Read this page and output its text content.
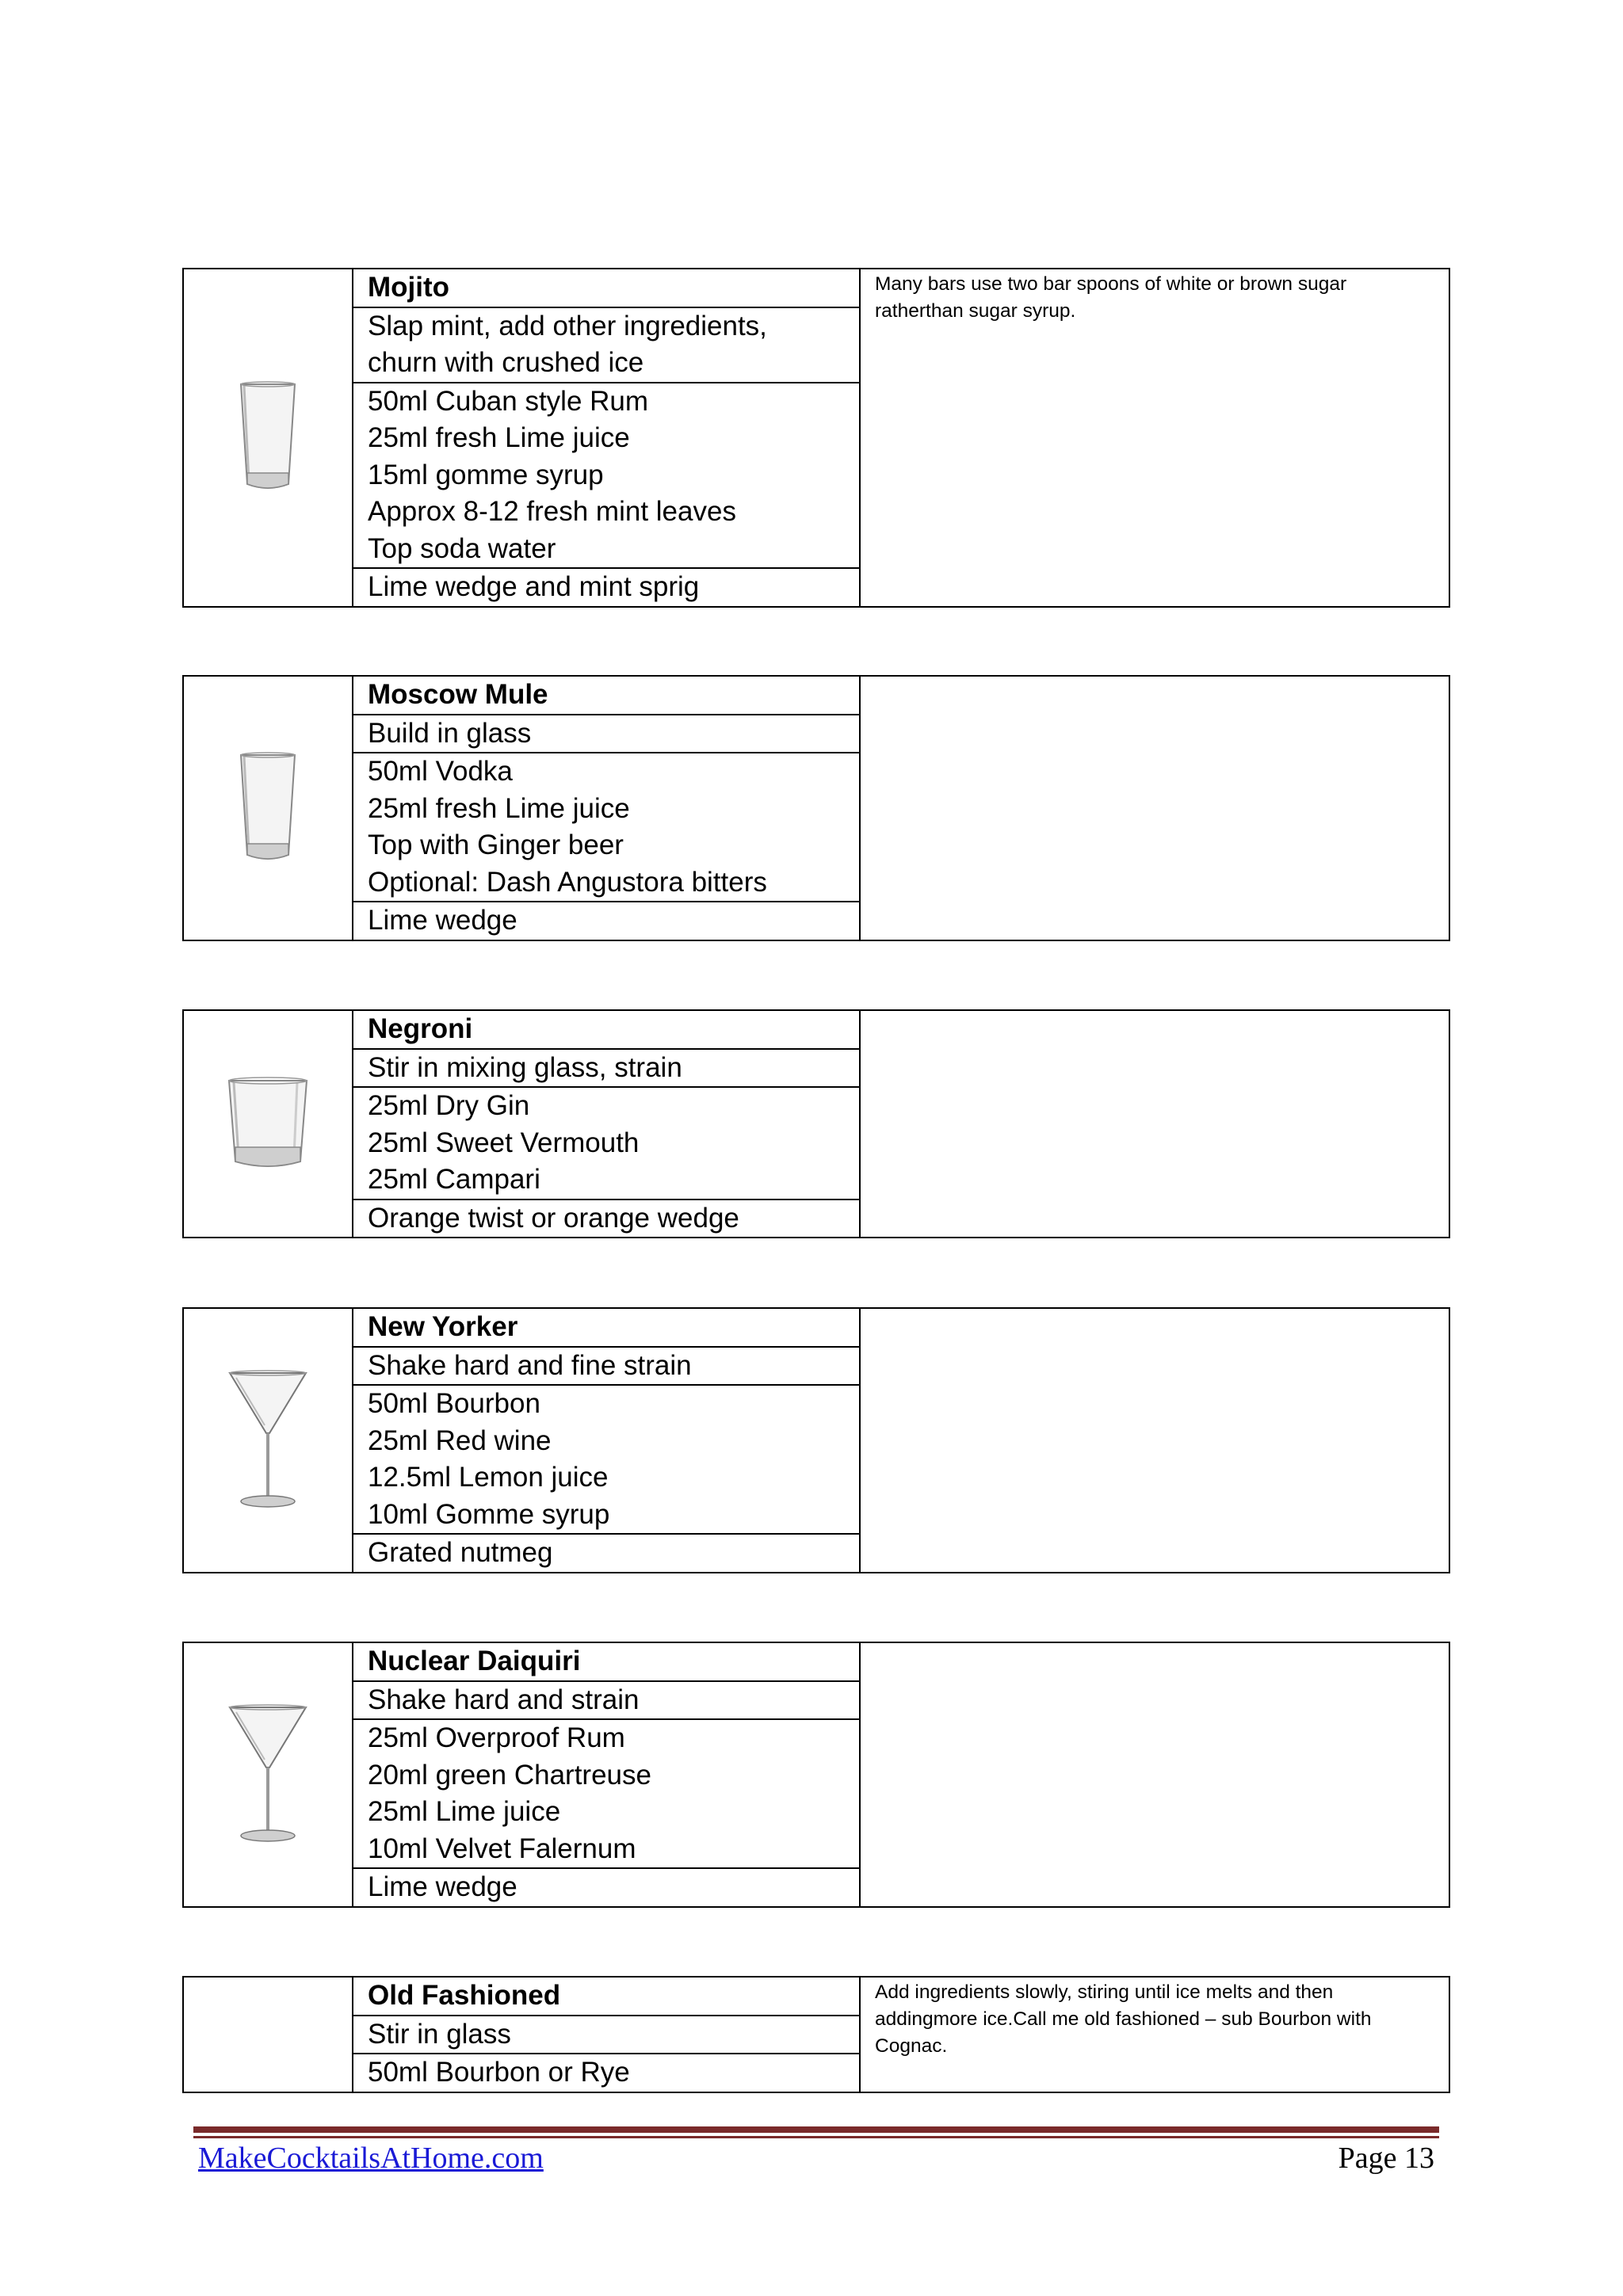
Mojito
Slap mint, add other ingredients,
churn with crushed ice
50ml Cuban style Rum
25ml fresh Lime juice
15ml gomme syrup
Approx 8-12 fresh mint leaves
Top soda water
Lime wedge and mint sprig
Many bars use two bar spoons of white or brown sugar ratherthan sugar syrup.
Moscow Mule
Build in glass
50ml Vodka
25ml fresh Lime juice
Top with Ginger beer
Optional: Dash Angustora bitters
Lime wedge
Negroni
Stir in mixing glass, strain
25ml Dry Gin
25ml Sweet Vermouth
25ml Campari
Orange twist or orange wedge
New Yorker
Shake hard and fine strain
50ml Bourbon
25ml Red wine
12.5ml Lemon juice
10ml Gomme syrup
Grated nutmeg
Nuclear Daiquiri
Shake hard and strain
25ml Overproof Rum
20ml green Chartreuse
25ml Lime juice
10ml Velvet Falernum
Lime wedge
Old Fashioned
Stir in glass
50ml Bourbon or Rye
Add ingredients slowly, stiring until ice melts and then addingmore ice.Call me old fashioned – sub Bourbon with Cognac.
MakeCocktailsAtHome.com	Page 13
